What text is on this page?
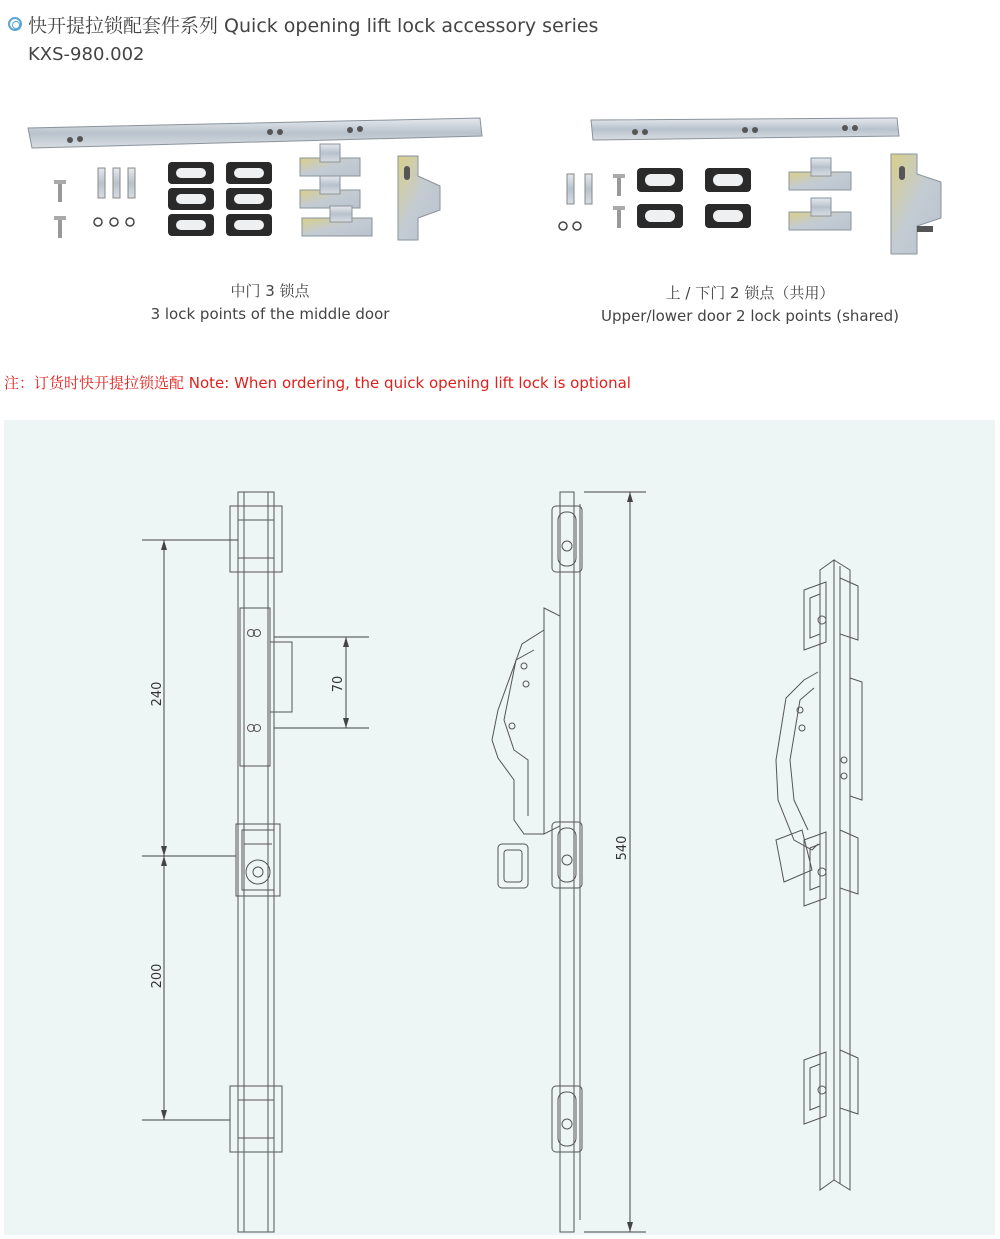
快开提拉锁配套件系列 Quick opening lift lock accessory series
KXS-980.002
中门 3 锁点
3 lock points of the middle door
上 / 下门 2 锁点（共用）
Upper/lower door 2 lock points (shared)
注：订货时快开提拉锁选配 Note: When ordering, the quick opening lift lock is optional
240	70
200
540
